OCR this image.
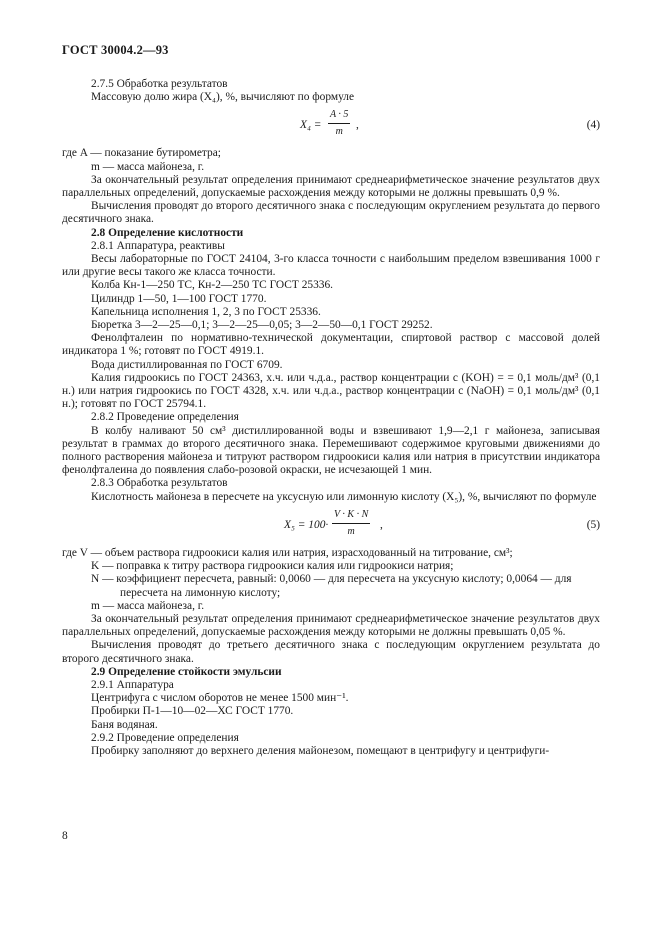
ГОСТ 30004.2—93

2.7.5 Обработка результатов

Массовую долю жира (X₄), %, вычисляют по формуле

$X_4 = \frac{A \cdot 5}{m}$ ,	(4)

где A — показание бутирометра;

m — масса майонеза, г.

За окончательный результат определения принимают среднеарифметическое значение результатов двух параллельных определений, допускаемые расхождения между которыми не должны превышать 0,9 %.

Вычисления проводят до второго десятичного знака с последующим округлением результата до первого десятичного знака.

2.8 Определение кислотности

2.8.1 Аппаратура, реактивы

Весы лабораторные по ГОСТ 24104, 3-го класса точности с наибольшим пределом взвешивания 1000 г или другие весы такого же класса точности.

Колба Кн-1—250 ТС, Кн-2—250 ТС ГОСТ 25336.

Цилиндр 1—50, 1—100 ГОСТ 1770.

Капельница исполнения 1, 2, 3 по ГОСТ 25336.

Бюретка 3—2—25—0,1; 3—2—25—0,05; 3—2—50—0,1 ГОСТ 29252.

Фенолфталеин по нормативно-технической документации, спиртовой раствор с массовой долей индикатора 1 %; готовят по ГОСТ 4919.1.

Вода дистиллированная по ГОСТ 6709.

Калия гидроокись по ГОСТ 24363, х.ч. или ч.д.а., раствор концентрации c (KOH) = = 0,1 моль/дм³ (0,1 н.) или натрия гидроокись по ГОСТ 4328, х.ч. или ч.д.а., раствор концентрации c (NaOH) = 0,1 моль/дм³ (0,1 н.); готовят по ГОСТ 25794.1.

2.8.2 Проведение определения

В колбу наливают 50 см³ дистиллированной воды и взвешивают 1,9—2,1 г майонеза, записывая результат в граммах до второго десятичного знака. Перемешивают содержимое круговыми движениями до полного растворения майонеза и титруют раствором гидроокиси калия или натрия в присутствии индикатора фенолфталеина до появления слабо-розовой окраски, не исчезающей 1 мин.

2.8.3 Обработка результатов

Кислотность майонеза в пересчете на уксусную или лимонную кислоту (X₅), %, вычисляют по формуле

$X_5 = 100\cdot \frac{V \cdot K \cdot N}{m}$ ,	(5)

где V — объем раствора гидроокиси калия или натрия, израсходованный на титрование, см³;

K — поправка к титру раствора гидроокиси калия или гидроокиси натрия;

N — коэффициент пересчета, равный: 0,0060 — для пересчета на уксусную кислоту; 0,0064 — для

пересчета на лимонную кислоту;

m — масса майонеза, г.

За окончательный результат определения принимают среднеарифметическое значение результатов двух параллельных определений, допускаемые расхождения между которыми не должны превышать 0,05 %.

Вычисления проводят до третьего десятичного знака с последующим округлением результата до второго десятичного знака.

2.9 Определение стойкости эмульсии

2.9.1 Аппаратура

Центрифуга с числом оборотов не менее 1500 мин⁻¹.

Пробирки П-1—10—02—ХС ГОСТ 1770.

Баня водяная.

2.9.2 Проведение определения

Пробирку заполняют до верхнего деления майонезом, помещают в центрифугу и центрифуги-

8
